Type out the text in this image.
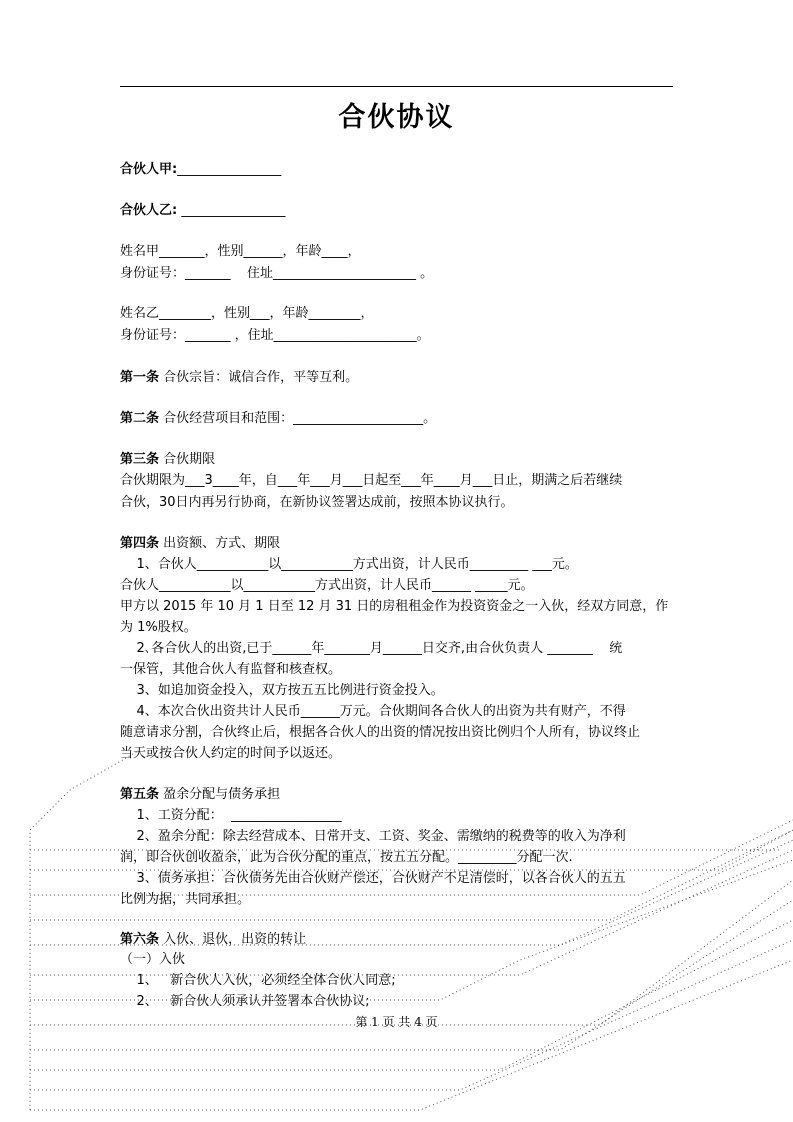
合伙协议
合伙人甲:________________
合伙人乙: ________________
姓名甲_______，性别______，年龄____，
身份证号：_______    住址______________________ 。
姓名乙________，性别___，年龄________，
身份证号：_______ ，住址______________________。
第一条 合伙宗旨：诚信合作，平等互利。
第二条 合伙经营项目和范围：____________________。
第三条 合伙期限
合伙期限为___3____年，自___年___月___日起至___年____月___日止，期满之后若继续
合伙，30日内再另行协商，在新协议签署达成前，按照本协议执行。
第四条 出资额、方式、期限
1、合伙人___________以___________方式出资，计人民币_________ ___元。
合伙人___________以___________方式出资，计人民币______ _____元。
甲方以 2015 年 10 月 1 日至 12 月 31 日的房租租金作为投资资金之一入伙，经双方同意，作
为 1%股权。
2､各合伙人的出资,已于______年_______月______日交齐,由合伙负责人 _______    统
一保管，其他合伙人有监督和核查权。
3、如追加资金投入，双方按五五比例进行资金投入。
4、本次合伙出资共计人民币______万元。合伙期间各合伙人的出资为共有财产，不得
随意请求分割，合伙终止后，根据各合伙人的出资的情况按出资比例归个人所有，协议终止
当天或按合伙人约定的时间予以返还。
第五条 盈余分配与债务承担
1、工资分配：  _________________
2、盈余分配：除去经营成本、日常开支、工资、奖金、需缴纳的税费等的收入为净利
润，即合伙创收盈余，此为合伙分配的重点，按五五分配。_________分配一次.
3、债务承担：合伙债务先由合伙财产偿还，合伙财产不足清偿时，以各合伙人的五五
比例为据，共同承担。
第六条 入伙、退伙，出资的转让
（一）入伙
1、   新合伙人入伙，必须经全体合伙人同意;
2、   新合伙人须承认并签署本合伙协议;
第 1 页 共 4 页
